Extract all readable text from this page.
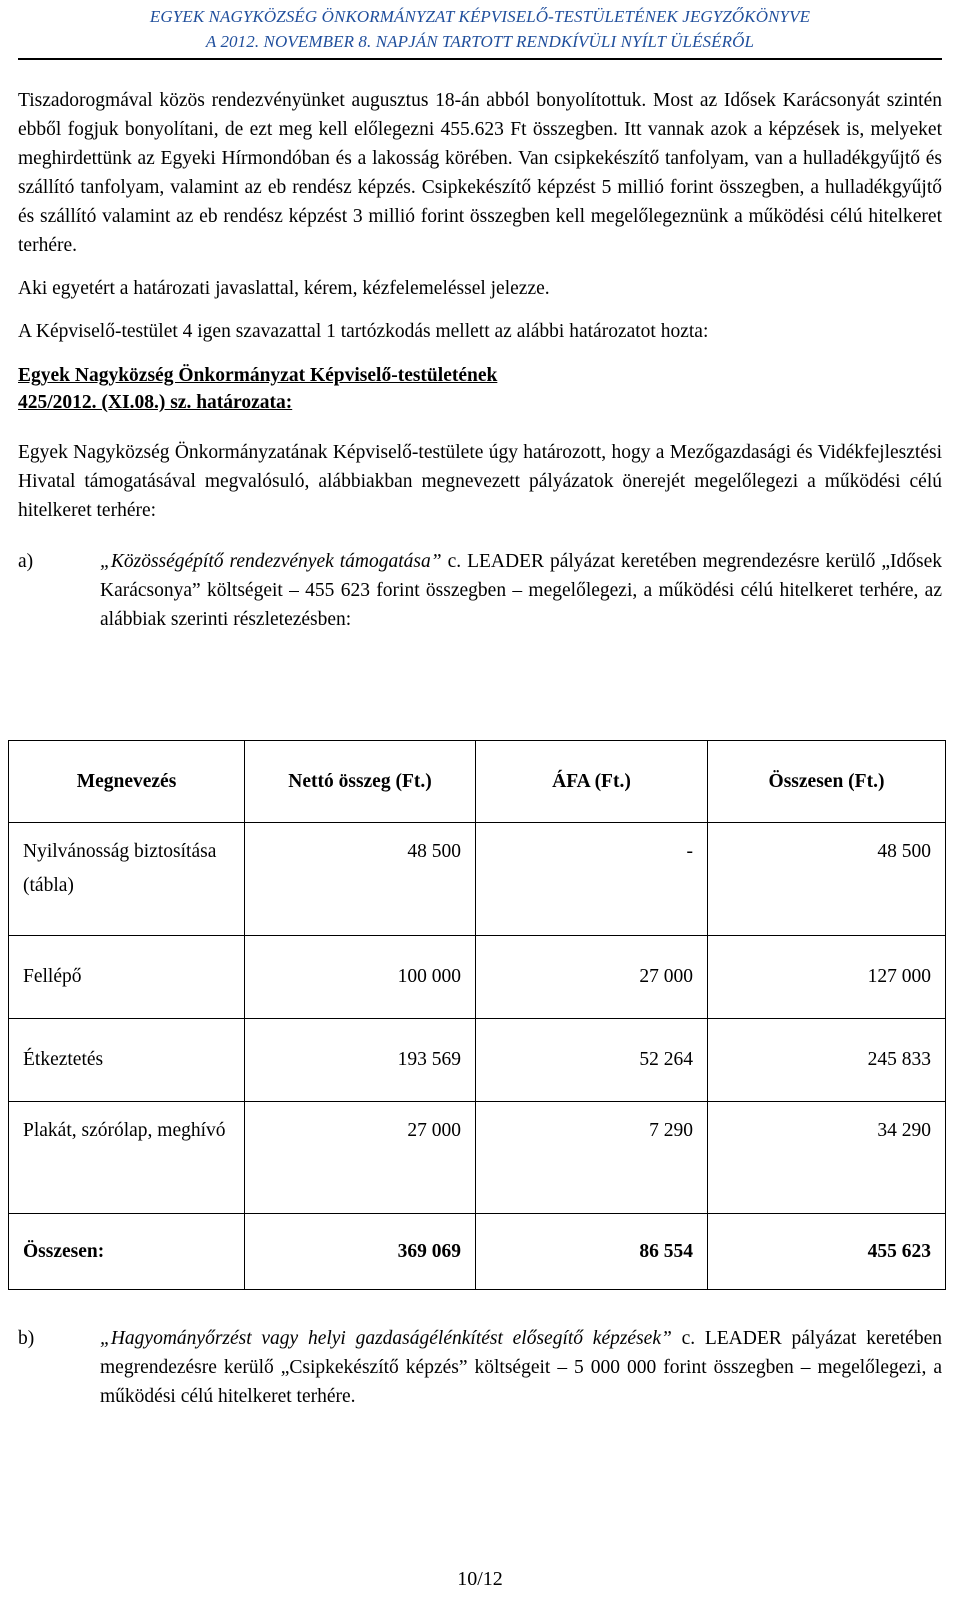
EGYEK NAGYKÖZSÉG ÖNKORMÁNYZAT KÉPVISELŐ-TESTÜLETÉNEK JEGYZŐKÖNYVE
A 2012. NOVEMBER 8. NAPJÁN TARTOTT RENDKÍVÜLI NYÍLT ÜLÉSÉRŐL

Tiszadorogmával közös rendezvényünket augusztus 18-án abból bonyolítottuk. Most az Idősek Karácsonyát szintén ebből fogjuk bonyolítani, de ezt meg kell előlegezni 455.623 Ft összegben. Itt vannak azok a képzések is, melyeket meghirdettünk az Egyeki Hírmondóban és a lakosság körében. Van csipkekészítő tanfolyam, van a hulladékgyűjtő és szállító tanfolyam, valamint az eb rendész képzés. Csipkekészítő képzést 5 millió forint összegben, a hulladékgyűjtő és szállító valamint az eb rendész képzést 3 millió forint összegben kell megelőlegeznünk a működési célú hitelkeret terhére.

Aki egyetért a határozati javaslattal, kérem, kézfelemeléssel jelezze.

A Képviselő-testület 4 igen szavazattal 1 tartózkodás mellett az alábbi határozatot hozta:

Egyek Nagyközség Önkormányzat Képviselő-testületének
425/2012. (XI.08.) sz. határozata:

Egyek Nagyközség Önkormányzatának Képviselő-testülete úgy határozott, hogy a Mezőgazdasági és Vidékfejlesztési Hivatal támogatásával megvalósuló, alábbiakban megnevezett pályázatok önerejét megelőlegezi a működési célú hitelkeret terhére:

a)	„Közösségépítő rendezvények támogatása” c. LEADER pályázat keretében megrendezésre kerülő „Idősek Karácsonya” költségeit – 455 623 forint összegben – megelőlegezi, a működési célú hitelkeret terhére, az alábbiak szerinti részletezésben:
Megnevezés	Nettó összeg (Ft.)	ÁFA (Ft.)	Összesen (Ft.)
Nyilvánosság biztosítása (tábla)	48 500	-	48 500
Fellépő	100 000	27 000	127 000
Étkeztetés	193 569	52 264	245 833
Plakát, szórólap, meghívó	27 000	7 290	34 290
Összesen:	369 069	86 554	455 623
b)	„Hagyományőrzést vagy helyi gazdaságélénkítést elősegítő képzések” c. LEADER pályázat keretében megrendezésre kerülő „Csipkekészítő képzés” költségeit – 5 000 000 forint összegben – megelőlegezi, a működési célú hitelkeret terhére.
10/12
